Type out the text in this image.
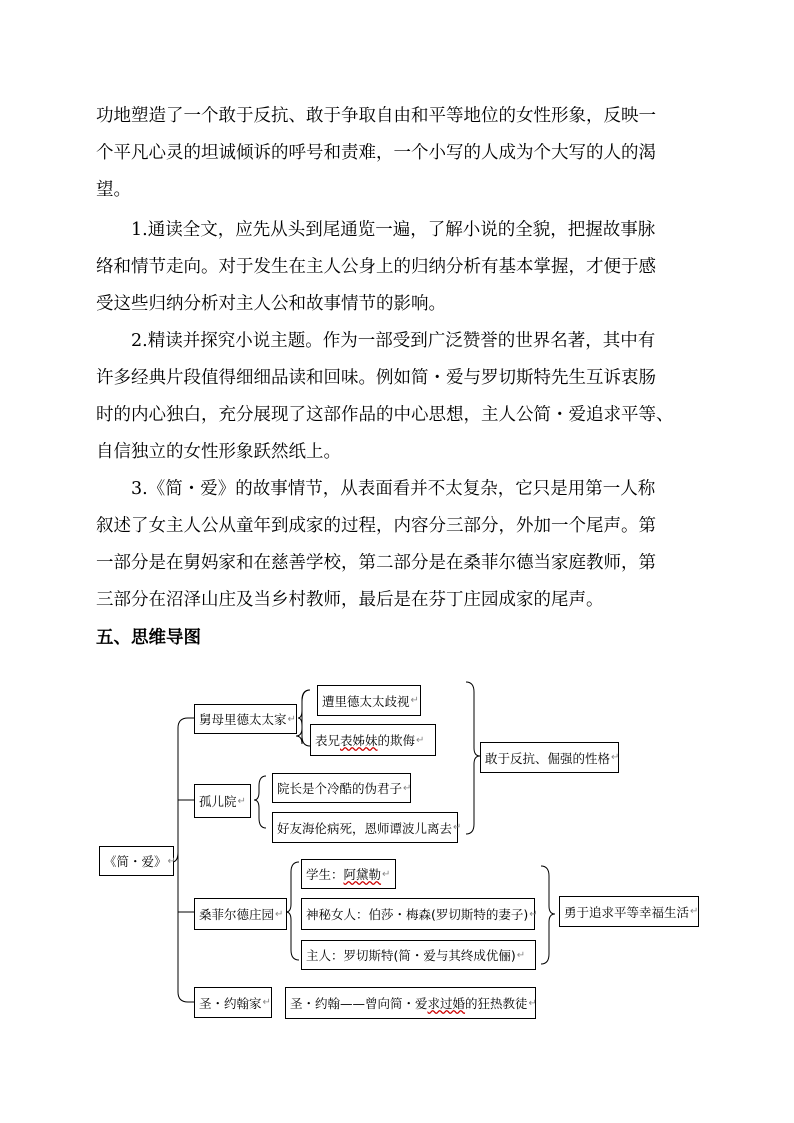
功地塑造了一个敢于反抗、敢于争取自由和平等地位的女性形象，反映一
个平凡心灵的坦诚倾诉的呼号和责难，一个小写的人成为个大写的人的渴
望。
　　1.通读全文，应先从头到尾通览一遍，了解小说的全貌，把握故事脉
络和情节走向。对于发生在主人公身上的归纳分析有基本掌握，才便于感
受这些归纳分析对主人公和故事情节的影响。
　　2.精读并探究小说主题。作为一部受到广泛赞誉的世界名著，其中有
许多经典片段值得细细品读和回味。例如简・爱与罗切斯特先生互诉衷肠
时的内心独白，充分展现了这部作品的中心思想，主人公简・爱追求平等、
自信独立的女性形象跃然纸上。
　　3.《简・爱》的故事情节，从表面看并不太复杂，它只是用第一人称
叙述了女主人公从童年到成家的过程，内容分三部分，外加一个尾声。第
一部分是在舅妈家和在慈善学校，第二部分是在桑菲尔德当家庭教师，第
三部分在沼泽山庄及当乡村教师，最后是在芬丁庄园成家的尾声。
五、思维导图
《简・爱》 ↵
舅母里德太太家 ↵
孤儿院 ↵
桑菲尔德庄园 ↵
圣・约翰家 ↵
遭里德太太歧视 ↵
表兄 表姊妹 的欺侮 ↵
院长是个冷酷的伪君子 ↵
好友海伦病死，恩师谭波儿离去 ↵
学生： 阿黛勒 ↵
神秘女人：伯莎・梅森(罗切斯特的妻子) ↵
主人：罗切斯特(简・爱与其终成优俪) ↵
圣・约翰——曾向简・爱 求过婚 的狂热教徒 ↵
敢于反抗、倔强的性格 ↵
勇于追求平等幸福生活 ↵
